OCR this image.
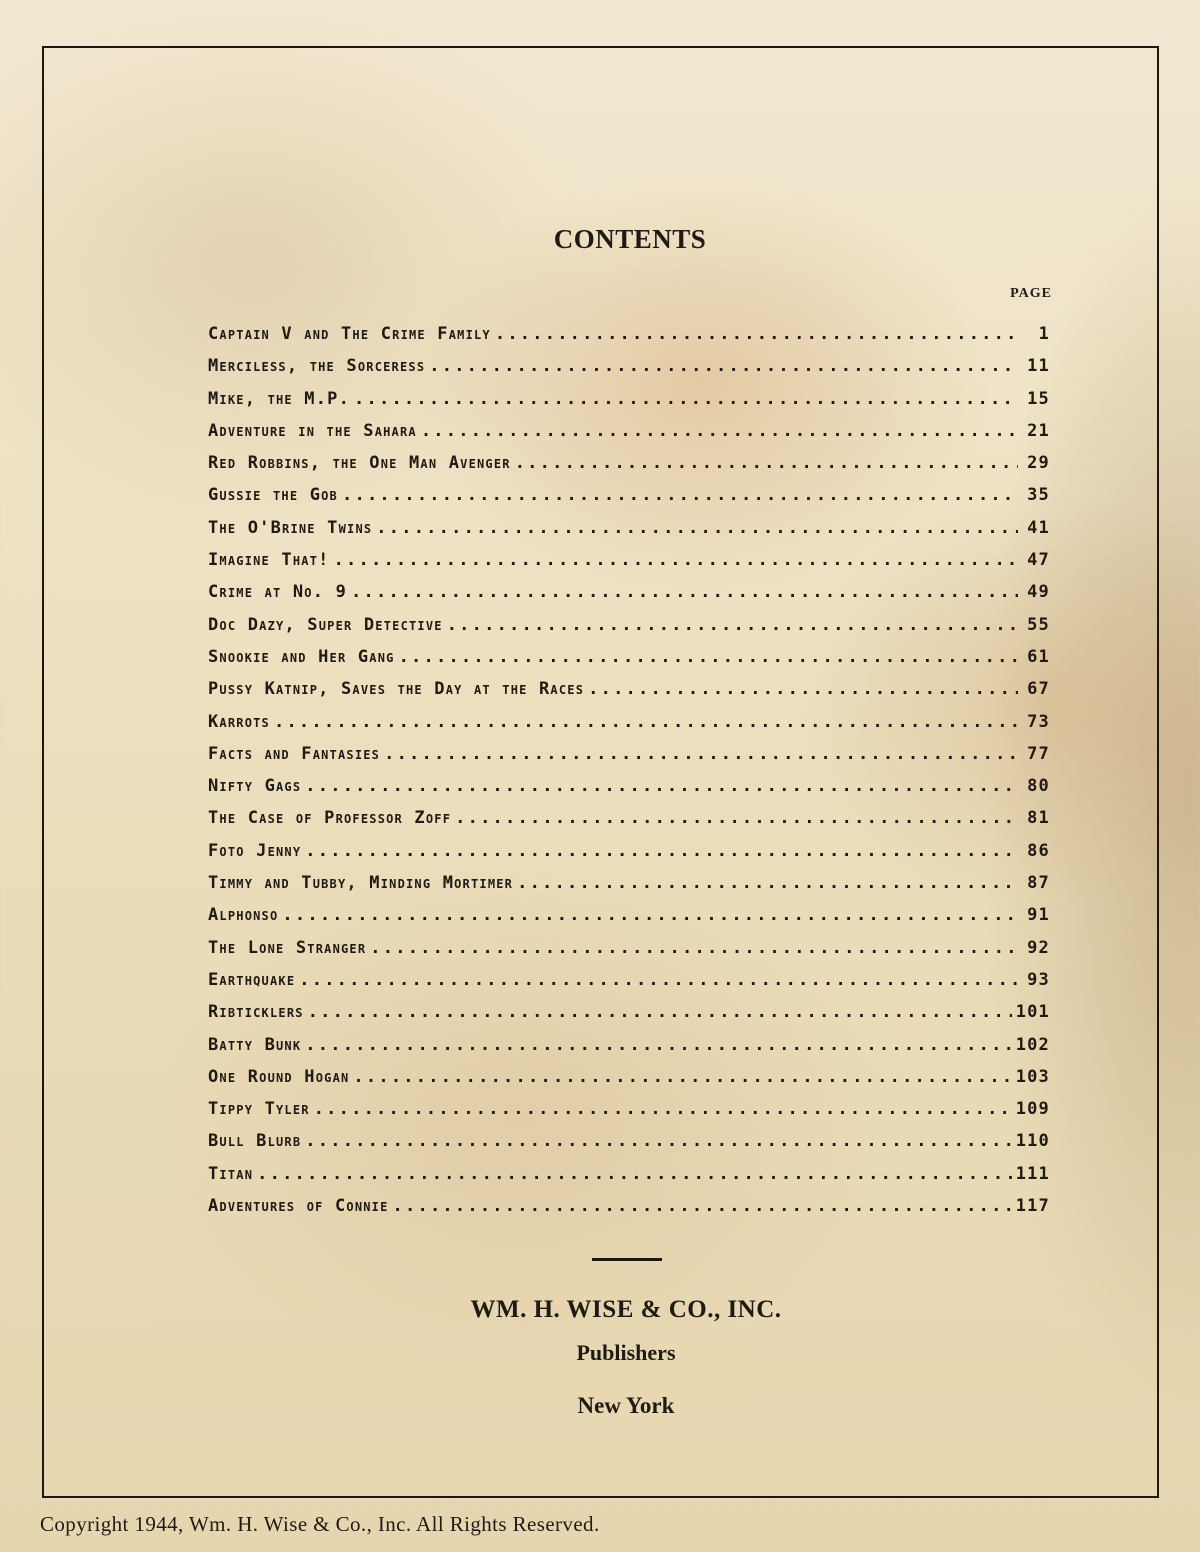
CONTENTS
PAGE
Captain V and The Crime Family . . .	1
Merciless, the Sorceress . . .	11
Mike, the M.P. . . .	15
Adventure in the Sahara . . .	21
Red Robbins, the One Man Avenger . . .	29
Gussie the Gob . . .	35
The O'Brine Twins . . .	41
Imagine That! . . .	47
Crime at No. 9 . . .	49
Doc Dazy, Super Detective . . .	55
Snookie and Her Gang . . .	61
Pussy Katnip, Saves the Day at the Races . . .	67
Karrots . . .	73
Facts and Fantasies . . .	77
Nifty Gags . . .	80
The Case of Professor Zoff . . .	81
Foto Jenny . . .	86
Timmy and Tubby, Minding Mortimer . . .	87
Alphonso . . .	91
The Lone Stranger . . .	92
Earthquake . . .	93
Ribticklers . . .	101
Batty Bunk . . .	102
One Round Hogan . . .	103
Tippy Tyler . . .	109
Bull Blurb . . .	110
Titan . . .	111
Adventures of Connie . . .	117
WM. H. WISE & CO., INC.
Publishers
New York
Copyright 1944, Wm. H. Wise & Co., Inc. All Rights Reserved.
